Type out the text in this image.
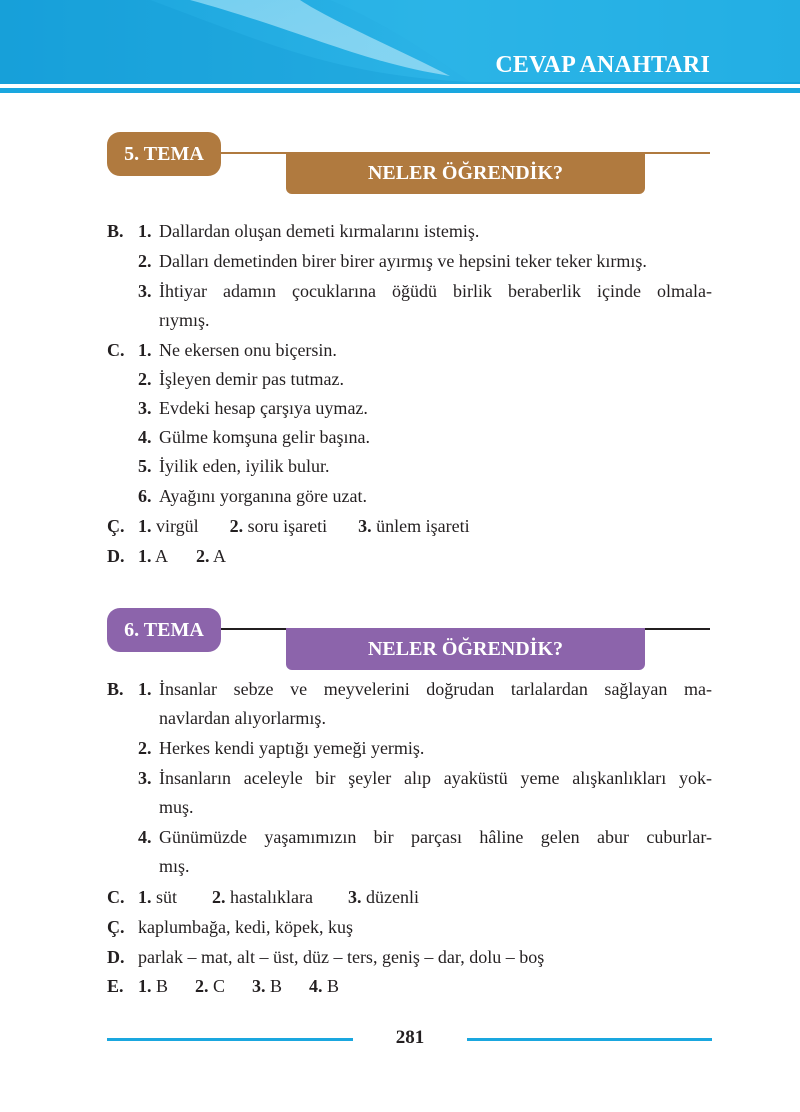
CEVAP ANAHTARI
5. TEMA
NELER ÖĞRENDİK?
B. 1. Dallardan oluşan demeti kırmalarını istemiş.
2. Dalları demetinden birer birer ayırmış ve hepsini teker teker kırmış.
3. İhtiyar adamın çocuklarına öğüdü birlik beraberlik içinde olmala-
rıymış.
C. 1. Ne ekersen onu biçersin.
2. İşleyen demir pas tutmaz.
3. Evdeki hesap çarşıya uymaz.
4. Gülme komşuna gelir başına.
5. İyilik eden, iyilik bulur.
6. Ayağını yorganına göre uzat.
Ç. 1. virgül 2. soru işareti 3. ünlem işareti
D. 1. A 2. A
6. TEMA
NELER ÖĞRENDİK?
B. 1. İnsanlar sebze ve meyvelerini doğrudan tarlalardan sağlayan ma-
navlardan alıyorlarmış.
2. Herkes kendi yaptığı yemeği yermiş.
3. İnsanların aceleyle bir şeyler alıp ayaküstü yeme alışkanlıkları yok-
muş.
4. Günümüzde yaşamımızın bir parçası hâline gelen abur cuburlar-
mış.
C. 1. süt 2. hastalıklara 3. düzenli
Ç. kaplumbağa, kedi, köpek, kuş
D. parlak – mat, alt – üst, düz – ters, geniş – dar, dolu – boş
E. 1. B 2. C 3. B 4. B
281
